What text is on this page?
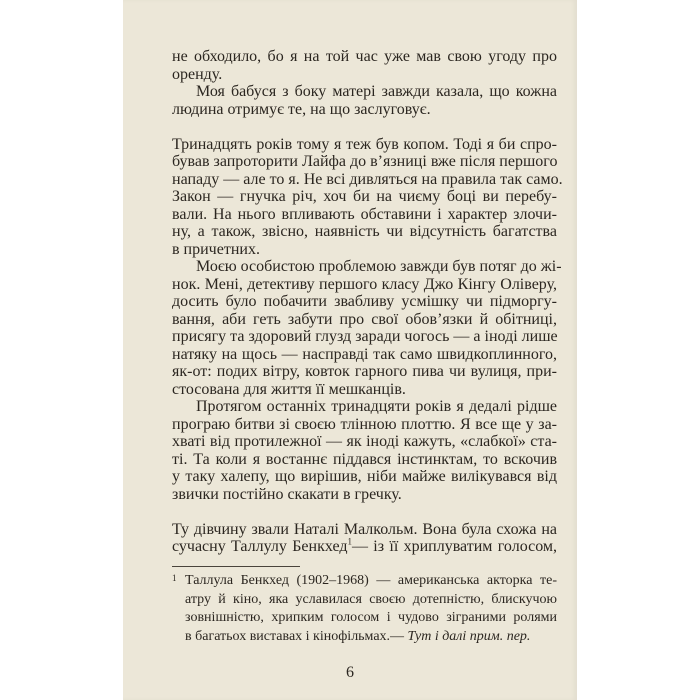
не обходило, бо я на той час уже мав свою угоду про
оренду.
Моя бабуся з боку матері завжди казала, що кожна
людина отримує те, на що заслуговує.
Тринадцять років тому я теж був копом. Тоді я би спро-
бував запроторити Лайфа до в’язниці вже після першого
нападу — але то я. Не всі дивляться на правила так само.
Закон — гнучка річ, хоч би на чиєму боці ви перебу-
вали. На нього впливають обставини і характер злочи-
ну, а також, звісно, наявність чи відсутність багатства
в причетних.
Моєю особистою проблемою завжди був потяг до жі-
нок. Мені, детективу першого класу Джо Кінгу Оліверу,
досить було побачити звабливу усмішку чи підморгу-
вання, аби геть забути про свої обов’язки й обітниці,
присягу та здоровий глузд заради чогось — а іноді лише
натяку на щось — насправді так само швидкоплинного,
як-от: подих вітру, ковток гарного пива чи вулиця, при-
стосована для життя її мешканців.
Протягом останніх тринадцяти років я дедалі рідше
програю битви зі своєю тлінною плоттю. Я все ще у за-
хваті від протилежної — як іноді кажуть, «слабкої» ста-
ті. Та коли я востаннє піддався інстинктам, то вскочив
у таку халепу, що вирішив, ніби майже вилікувався від
звички постійно скакати в гречку.
Ту дівчину звали Наталі Малкольм. Вона була схожа на
сучасну Таллулу Бенкхед$^1$— із її хриплуватим голосом,
1 Таллула Бенкхед (1902–1968) — американська акторка те-
атру й кіно, яка уславилася своєю дотепністю, блискучою
зовнішністю, хрипким голосом і чудово зіграними ролями
в багатьох виставах і кінофільмах.— Тут і далі прим. пер.
6
